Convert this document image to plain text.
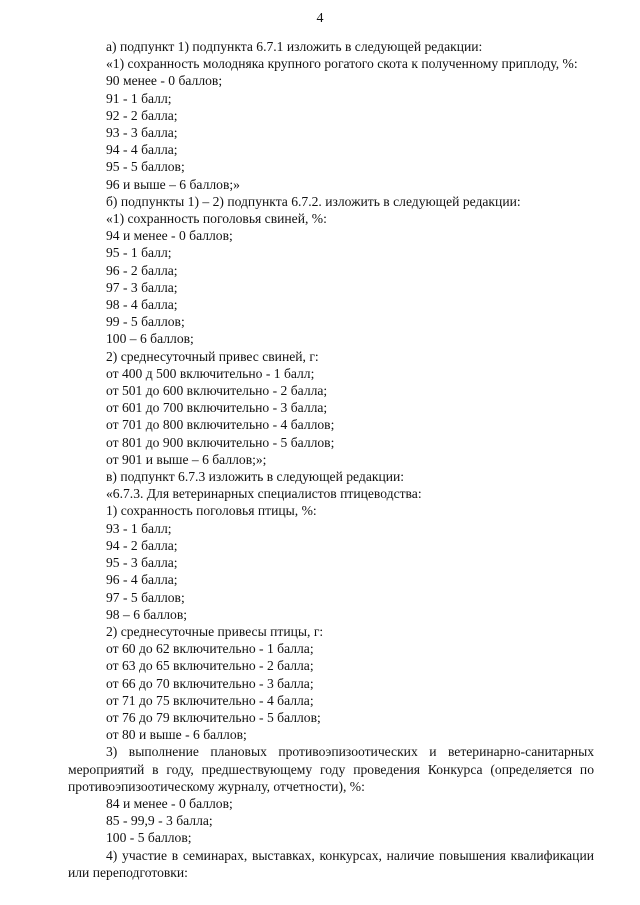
4

а) подпункт 1) подпункта 6.7.1 изложить в следующей редакции:

«1) сохранность молодняка крупного рогатого скота к полученному приплоду, %:

90 менее - 0 баллов;

91 - 1 балл;

92 - 2 балла;

93 - 3 балла;

94 - 4 балла;

95 - 5 баллов;

96 и выше – 6 баллов;»

б) подпункты 1) – 2) подпункта 6.7.2. изложить в следующей редакции:

«1) сохранность поголовья свиней, %:

94 и менее - 0 баллов;

95 - 1 балл;

96 - 2 балла;

97 - 3 балла;

98 - 4 балла;

99 - 5 баллов;

100 – 6 баллов;

2) среднесуточный привес свиней, г:

от 400 д 500 включительно - 1 балл;

от 501 до 600 включительно - 2 балла;

от 601 до 700 включительно - 3 балла;

от 701 до 800 включительно - 4 баллов;

от 801 до 900 включительно - 5 баллов;

от 901 и выше – 6 баллов;»;

в) подпункт 6.7.3 изложить в следующей редакции:

«6.7.3. Для ветеринарных специалистов птицеводства:

1) сохранность поголовья птицы, %:

93 - 1 балл;

94 - 2 балла;

95 - 3 балла;

96 - 4 балла;

97 - 5 баллов;

98 – 6 баллов;

2) среднесуточные привесы птицы, г:

от 60 до 62 включительно - 1 балла;

от 63 до 65 включительно - 2 балла;

от 66 до 70 включительно - 3 балла;

от 71 до 75 включительно - 4 балла;

от 76 до 79 включительно - 5 баллов;

от 80 и выше - 6 баллов;

3) выполнение плановых противоэпизоотических и ветеринарно-санитарных мероприятий в году, предшествующему году проведения Конкурса (определяется по противоэпизоотическому журналу, отчетности), %:

84 и менее - 0 баллов;

85 - 99,9 - 3 балла;

100 - 5 баллов;

4) участие в семинарах, выставках, конкурсах, наличие повышения квалификации или переподготовки:
